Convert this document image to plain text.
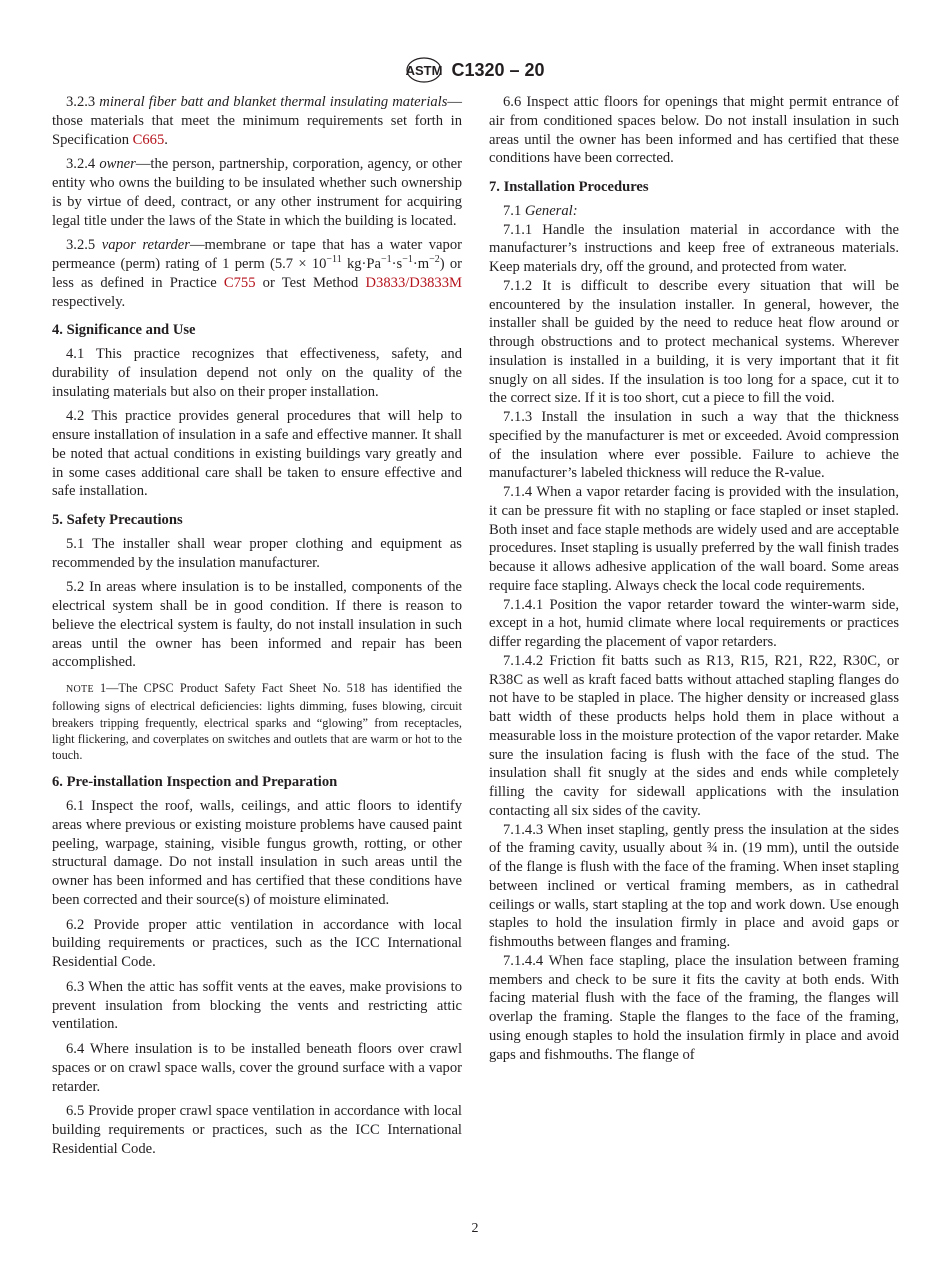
ASTM C1320 – 20
3.2.3 mineral fiber batt and blanket thermal insulating materials—those materials that meet the minimum requirements set forth in Specification C665.
3.2.4 owner—the person, partnership, corporation, agency, or other entity who owns the building to be insulated whether such ownership is by virtue of deed, contract, or any other instrument for acquiring legal title under the laws of the State in which the building is located.
3.2.5 vapor retarder—membrane or tape that has a water vapor permeance (perm) rating of 1 perm ($5.7 \times 10^{-11}$ $kg\cdot Pa^{-1}\cdot s^{-1}\cdot m^{-2}$) or less as defined in Practice C755 or Test Method D3833/D3833M respectively.
4. Significance and Use
4.1 This practice recognizes that effectiveness, safety, and durability of insulation depend not only on the quality of the insulating materials but also on their proper installation.
4.2 This practice provides general procedures that will help to ensure installation of insulation in a safe and effective manner. It shall be noted that actual conditions in existing buildings vary greatly and in some cases additional care shall be taken to ensure effective and safe installation.
5. Safety Precautions
5.1 The installer shall wear proper clothing and equipment as recommended by the insulation manufacturer.
5.2 In areas where insulation is to be installed, components of the electrical system shall be in good condition. If there is reason to believe the electrical system is faulty, do not install insulation in such areas until the owner has been informed and repair has been accomplished.
NOTE 1—The CPSC Product Safety Fact Sheet No. 518 has identified the following signs of electrical deficiencies: lights dimming, fuses blowing, circuit breakers tripping frequently, electrical sparks and “glowing” from receptacles, light flickering, and coverplates on switches and outlets that are warm or hot to the touch.
6. Pre-installation Inspection and Preparation
6.1 Inspect the roof, walls, ceilings, and attic floors to identify areas where previous or existing moisture problems have caused paint peeling, warpage, staining, visible fungus growth, rotting, or other structural damage. Do not install insulation in such areas until the owner has been informed and has certified that these conditions have been corrected and their source(s) of moisture eliminated.
6.2 Provide proper attic ventilation in accordance with local building requirements or practices, such as the ICC International Residential Code.
6.3 When the attic has soffit vents at the eaves, make provisions to prevent insulation from blocking the vents and restricting attic ventilation.
6.4 Where insulation is to be installed beneath floors over crawl spaces or on crawl space walls, cover the ground surface with a vapor retarder.
6.5 Provide proper crawl space ventilation in accordance with local building requirements or practices, such as the ICC International Residential Code.
6.6 Inspect attic floors for openings that might permit entrance of air from conditioned spaces below. Do not install insulation in such areas until the owner has been informed and has certified that these conditions have been corrected.
7. Installation Procedures
7.1 General:
7.1.1 Handle the insulation material in accordance with the manufacturer’s instructions and keep free of extraneous materials. Keep materials dry, off the ground, and protected from water.
7.1.2 It is difficult to describe every situation that will be encountered by the insulation installer. In general, however, the installer shall be guided by the need to reduce heat flow around or through obstructions and to protect mechanical systems. Wherever insulation is installed in a building, it is very important that it fit snugly on all sides. If the insulation is too long for a space, cut it to the correct size. If it is too short, cut a piece to fill the void.
7.1.3 Install the insulation in such a way that the thickness specified by the manufacturer is met or exceeded. Avoid compression of the insulation where ever possible. Failure to achieve the manufacturer’s labeled thickness will reduce the R-value.
7.1.4 When a vapor retarder facing is provided with the insulation, it can be pressure fit with no stapling or face stapled or inset stapled. Both inset and face staple methods are widely used and are acceptable procedures. Inset stapling is usually preferred by the wall finish trades because it allows adhesive application of the wall board. Some areas require face stapling. Always check the local code requirements.
7.1.4.1 Position the vapor retarder toward the winter-warm side, except in a hot, humid climate where local requirements or practices differ regarding the placement of vapor retarders.
7.1.4.2 Friction fit batts such as R13, R15, R21, R22, R30C, or R38C as well as kraft faced batts without attached stapling flanges do not have to be stapled in place. The higher density or increased glass batt width of these products helps hold them in place without a measurable loss in the moisture protection of the vapor retarder. Make sure the insulation facing is flush with the face of the stud. The insulation shall fit snugly at the sides and ends while completely filling the cavity for sidewall applications with the insulation contacting all six sides of the cavity.
7.1.4.3 When inset stapling, gently press the insulation at the sides of the framing cavity, usually about ¾ in. (19 mm), until the outside of the flange is flush with the face of the framing. When inset stapling between inclined or vertical framing members, as in cathedral ceilings or walls, start stapling at the top and work down. Use enough staples to hold the insulation firmly in place and avoid gaps or fishmouths between flanges and framing.
7.1.4.4 When face stapling, place the insulation between framing members and check to be sure it fits the cavity at both ends. With facing material flush with the face of the framing, the flanges will overlap the framing. Staple the flanges to the face of the framing, using enough staples to hold the insulation firmly in place and avoid gaps and fishmouths. The flange of
2
